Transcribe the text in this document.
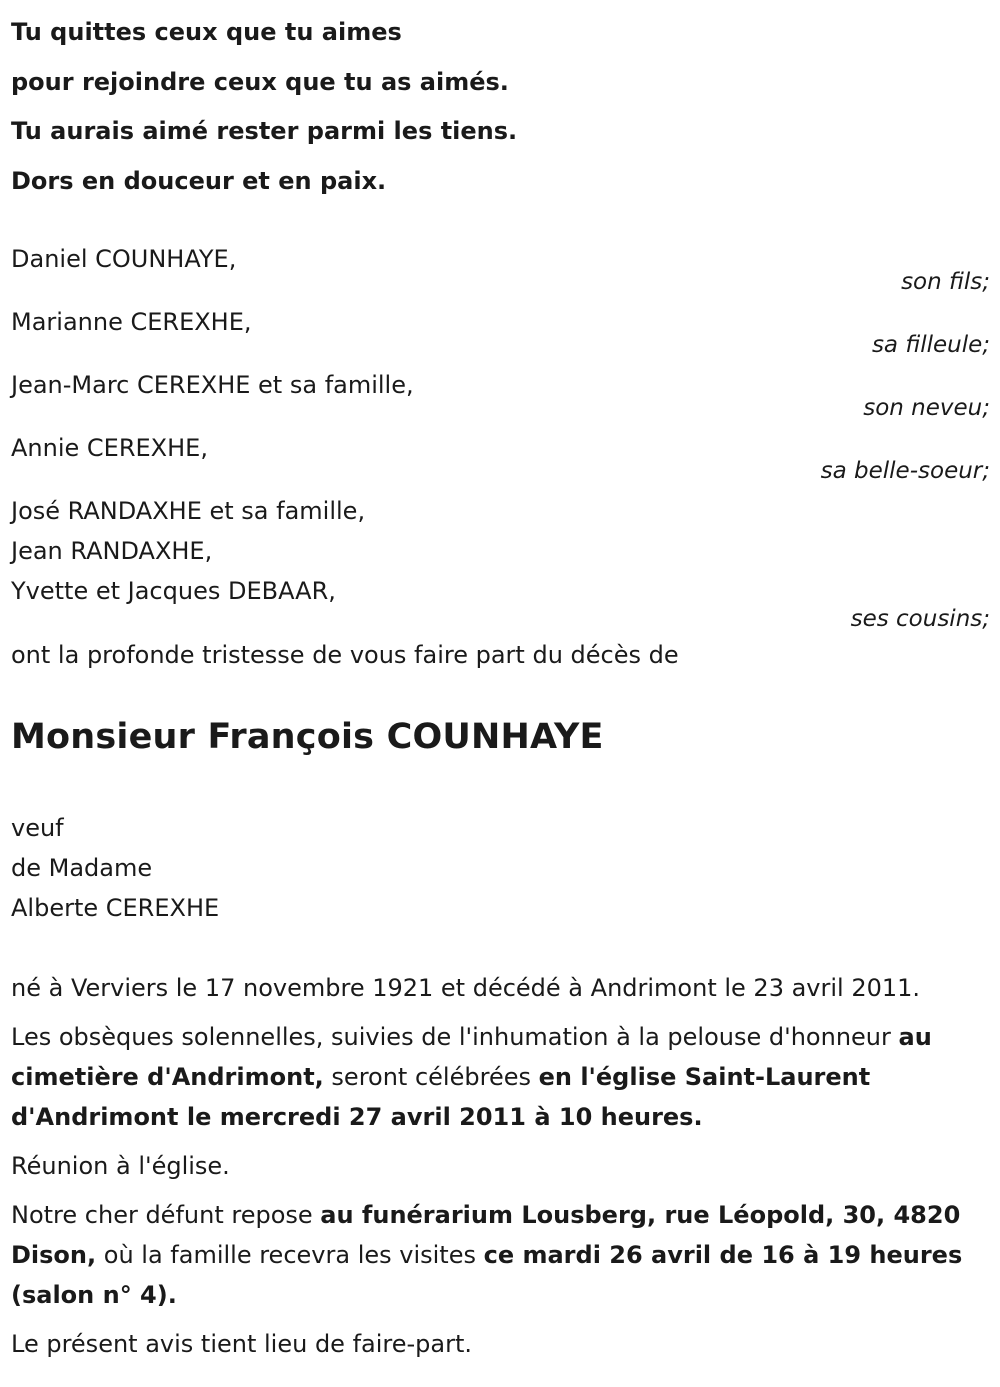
Tu quittes ceux que tu aimes

pour rejoindre ceux que tu as aimés.

Tu aurais aimé rester parmi les tiens.

Dors en douceur et en paix.

Daniel COUNHAYE,
son fils;
Marianne CEREXHE,
sa filleule;
Jean-Marc CEREXHE et sa famille,
son neveu;
Annie CEREXHE,
sa belle-soeur;
José RANDAXHE et sa famille,
Jean RANDAXHE,
Yvette et Jacques DEBAAR,
ses cousins;
ont la profonde tristesse de vous faire part du décès de
Monsieur François COUNHAYE
veuf
de Madame
Alberte CEREXHE
né à Verviers le 17 novembre 1921 et décédé à Andrimont le 23 avril 2011.
Les obsèques solennelles, suivies de l'inhumation à la pelouse d'honneur au cimetière d'Andrimont, seront célébrées en l'église Saint-Laurent d'Andrimont le mercredi 27 avril 2011 à 10 heures.
Réunion à l'église.
Notre cher défunt repose au funérarium Lousberg, rue Léopold, 30, 4820 Dison, où la famille recevra les visites ce mardi 26 avril de 16 à 19 heures (salon n° 4).
Le présent avis tient lieu de faire-part.
